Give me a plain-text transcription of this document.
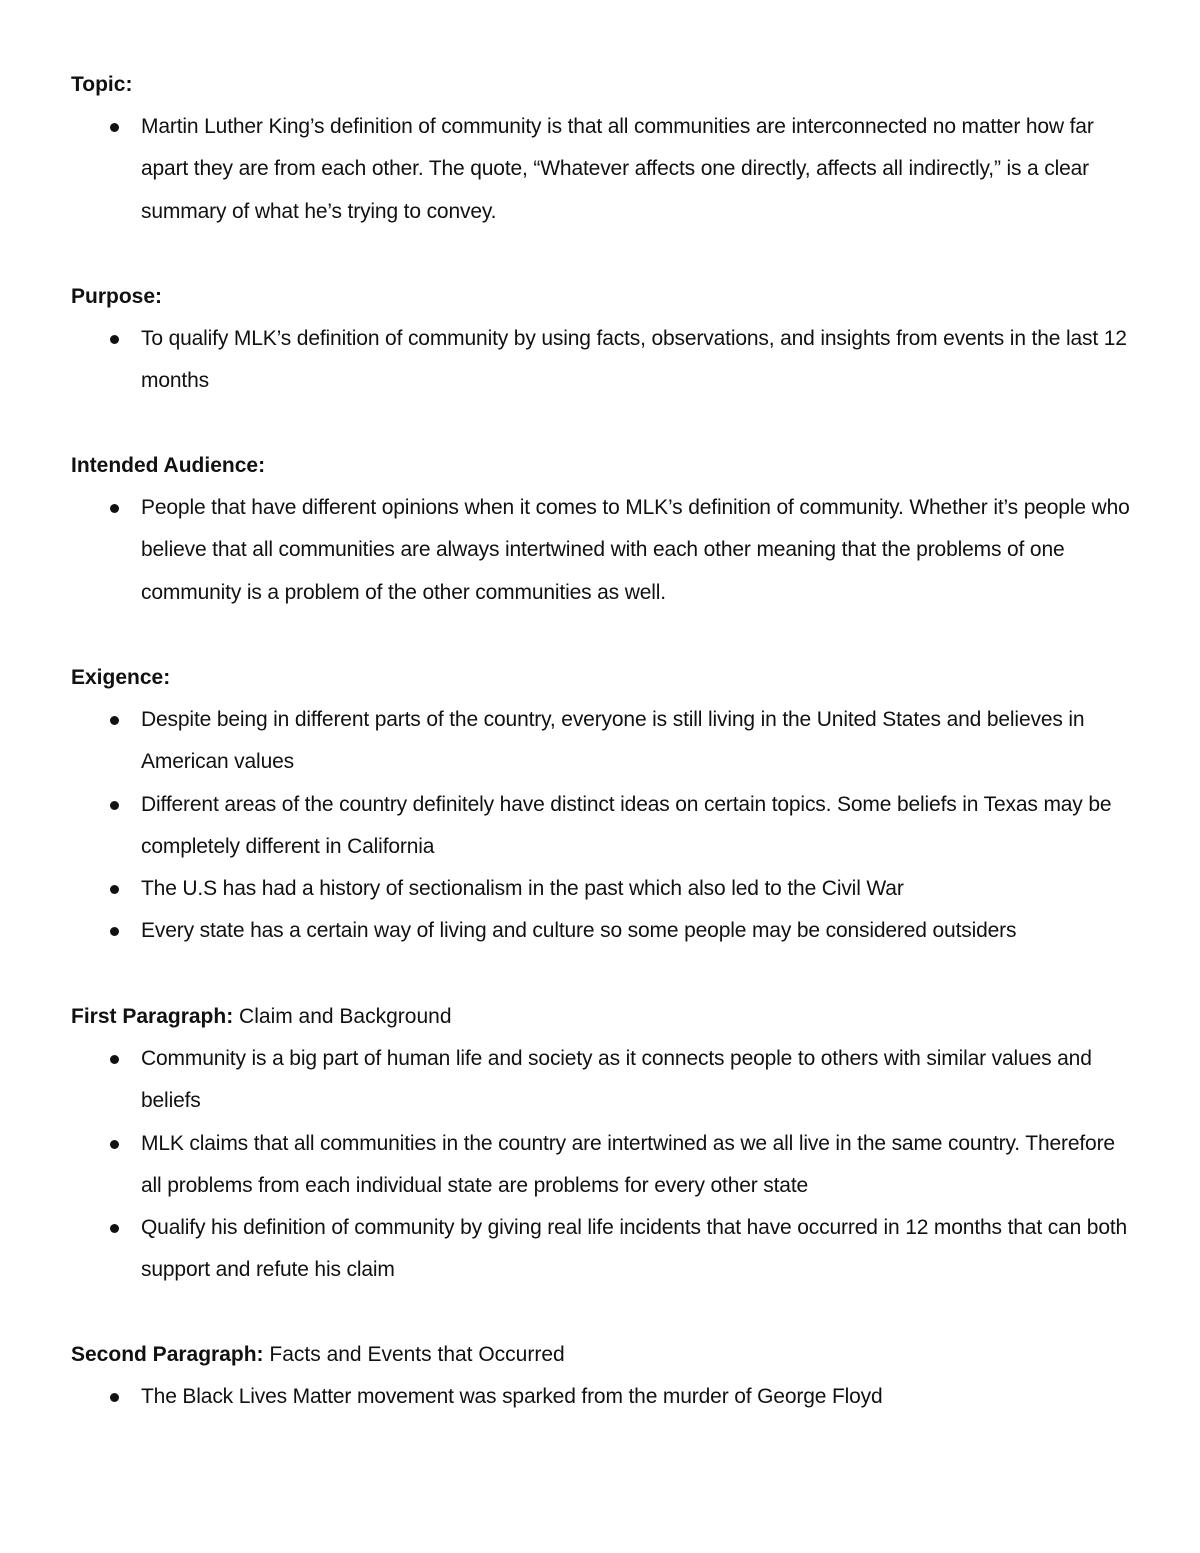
Topic:
Martin Luther King’s definition of community is that all communities are interconnected no matter how far apart they are from each other. The quote, “Whatever affects one directly, affects all indirectly,” is a clear summary of what he’s trying to convey.
Purpose:
To qualify MLK’s definition of community by using facts, observations, and insights from events in the last 12 months
Intended Audience:
People that have different opinions when it comes to MLK’s definition of community. Whether it’s people who believe that all communities are always intertwined with each other meaning that the problems of one community is a problem of the other communities as well.
Exigence:
Despite being in different parts of the country, everyone is still living in the United States and believes in American values
Different areas of the country definitely have distinct ideas on certain topics. Some beliefs in Texas may be completely different in California
The U.S has had a history of sectionalism in the past which also led to the Civil War
Every state has a certain way of living and culture so some people may be considered outsiders
First Paragraph: Claim and Background
Community is a big part of human life and society as it connects people to others with similar values and beliefs
MLK claims that all communities in the country are intertwined as we all live in the same country. Therefore all problems from each individual state are problems for every other state
Qualify his definition of community by giving real life incidents that have occurred in 12 months that can both support and refute his claim
Second Paragraph: Facts and Events that Occurred
The Black Lives Matter movement was sparked from the murder of George Floyd
